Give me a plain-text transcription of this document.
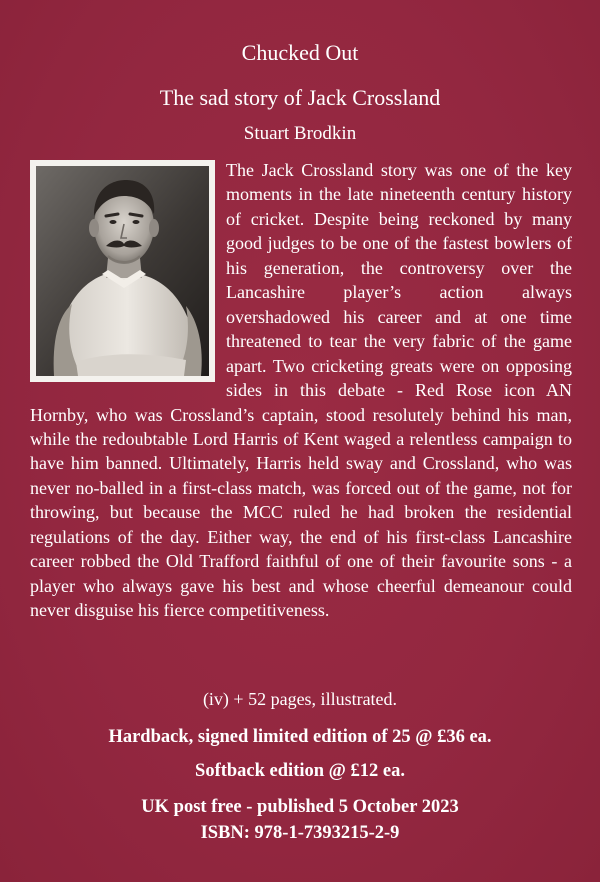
Chucked Out
The sad story of Jack Crossland
Stuart Brodkin

The Jack Crossland story was one of the key moments in the late nineteenth century history of cricket. Despite being reckoned by many good judges to be one of the fastest bowlers of his generation, the controversy over the Lancashire player’s action always overshadowed his career and at one time threatened to tear the very fabric of the game apart. Two cricketing greats were on opposing sides in this debate - Red Rose icon AN Hornby, who was Crossland’s captain, stood resolutely behind his man, while the redoubtable Lord Harris of Kent waged a relentless campaign to have him banned. Ultimately, Harris held sway and Crossland, who was never no-balled in a first-class match, was forced out of the game, not for throwing, but because the MCC ruled he had broken the residential regulations of the day. Either way, the end of his first-class Lancashire career robbed the Old Trafford faithful of one of their favourite sons - a player who always gave his best and whose cheerful demeanour could never disguise his fierce competitiveness.

(iv) + 52 pages, illustrated.
Hardback, signed limited edition of 25 @ £36 ea.
Softback edition @ £12 ea.
UK post free - published 5 October 2023
ISBN: 978-1-7393215-2-9
